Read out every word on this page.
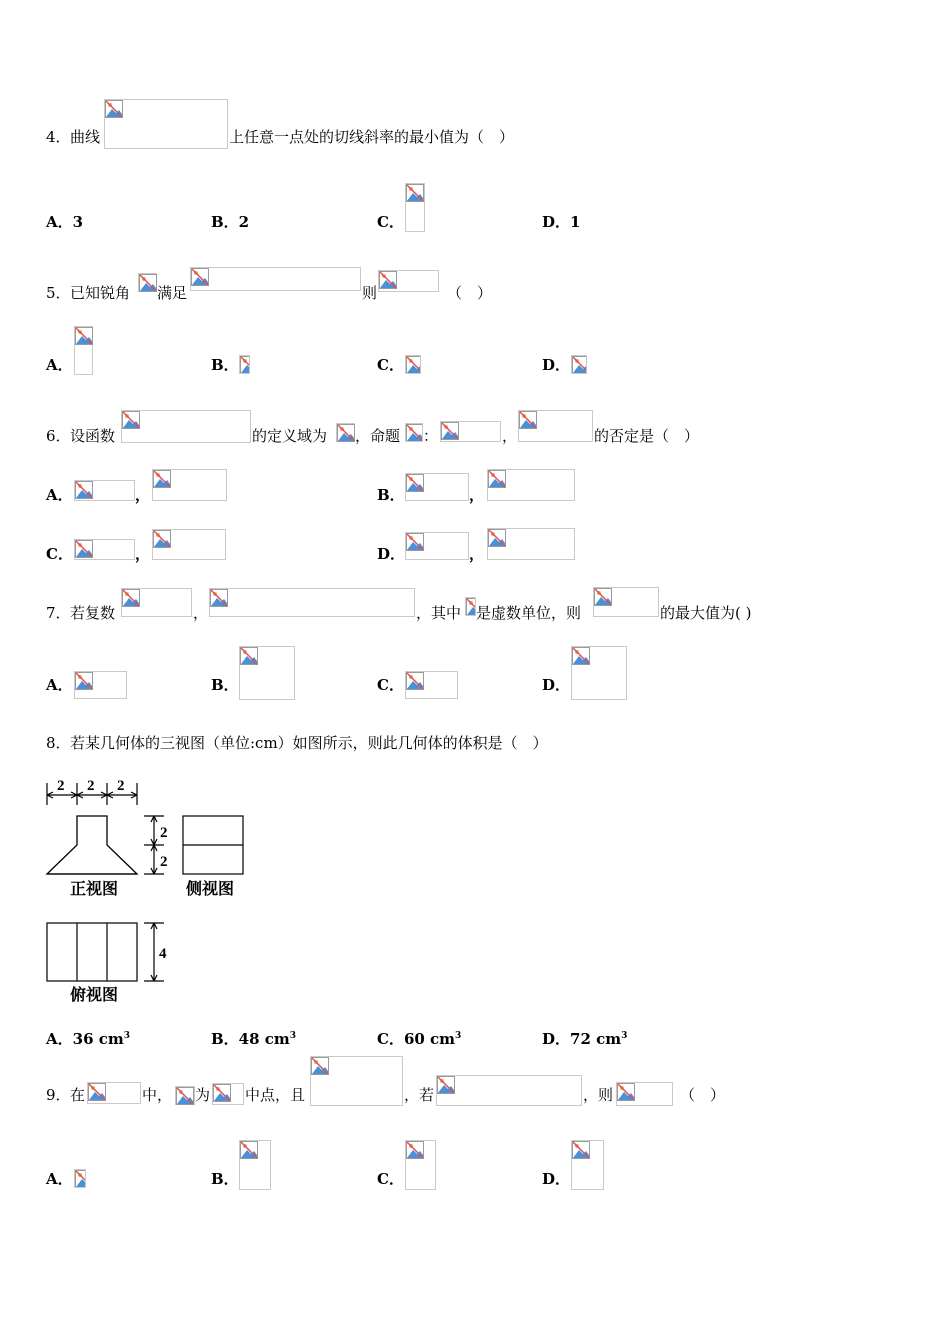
4． 曲线	上任意一点处的切线斜率的最小值为（　）
A．3	B．2	C．	D．1
5． 已知锐角 满足	则	（　）
A．	B．	C．	D．
6． 设函数	的定义域为 ，命题 ：	，	的否定是（　）
A．	，	B．	，
C．	，	D．	，
7． 若复数	，	，其中 是虚数单位，则	的最大值为( )
A．	B．	C．	D．
8． 若某几何体的三视图（单位:cm）如图所示，则此几何体的体积是（　）
2 2 2
2
2
4
正视图	侧视图
俯视图
A．36 $cm^3$	B．48 $cm^3$	C．60 $cm^3$	D．72 $cm^3$
9． 在	中， 为 中点，且	，若	，则	（　）
A．	B．	C．	D．
